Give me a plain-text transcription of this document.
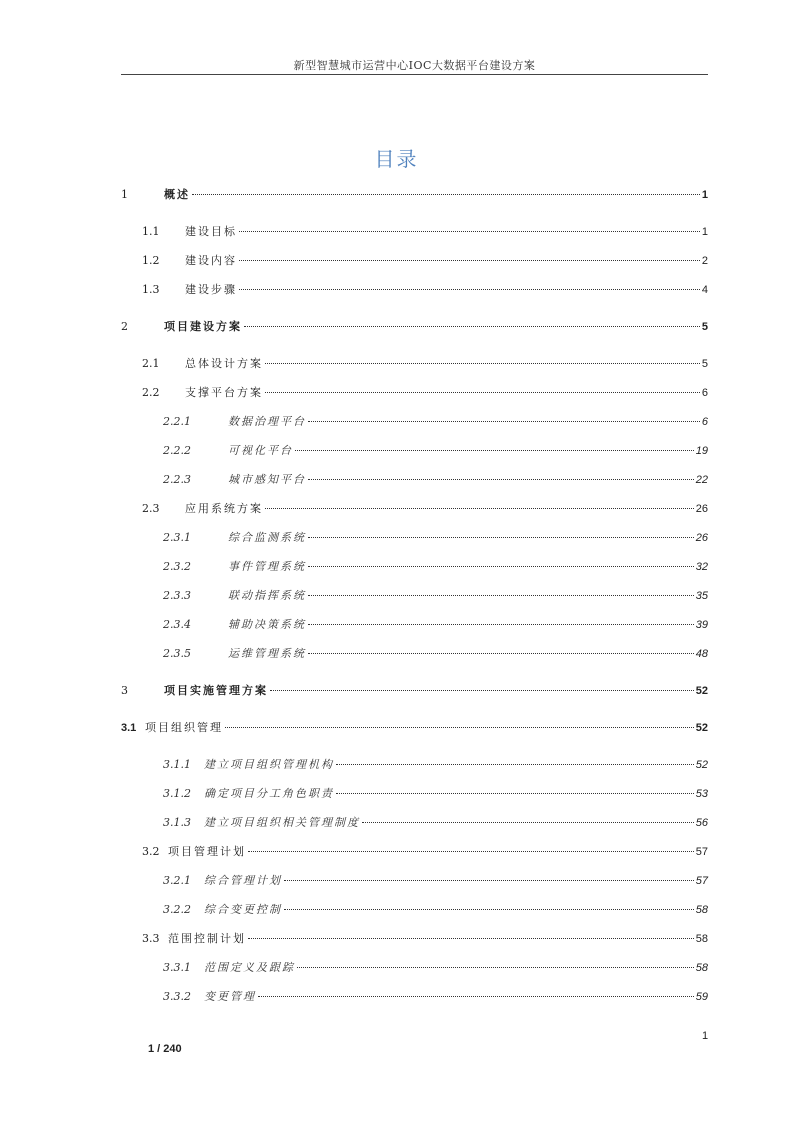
新型智慧城市运营中心IOC大数据平台建设方案
目录
1	概述	1
1.1	建设目标	1
1.2	建设内容	2
1.3	建设步骤	4
2	项目建设方案	5
2.1	总体设计方案	5
2.2	支撑平台方案	6
2.2.1	数据治理平台	6
2.2.2	可视化平台	19
2.2.3	城市感知平台	22
2.3	应用系统方案	26
2.3.1	综合监测系统	26
2.3.2	事件管理系统	32
2.3.3	联动指挥系统	35
2.3.4	辅助决策系统	39
2.3.5	运维管理系统	48
3	项目实施管理方案	52
3.1 项目组织管理	52
3.1.1	建立项目组织管理机构	52
3.1.2	确定项目分工角色职责	53
3.1.3	建立项目组织相关管理制度	56
3.2 项目管理计划	57
3.2.1	综合管理计划	57
3.2.2	综合变更控制	58
3.3 范围控制计划	58
3.3.1	范围定义及跟踪	58
3.3.2	变更管理	59
1
1 / 240
